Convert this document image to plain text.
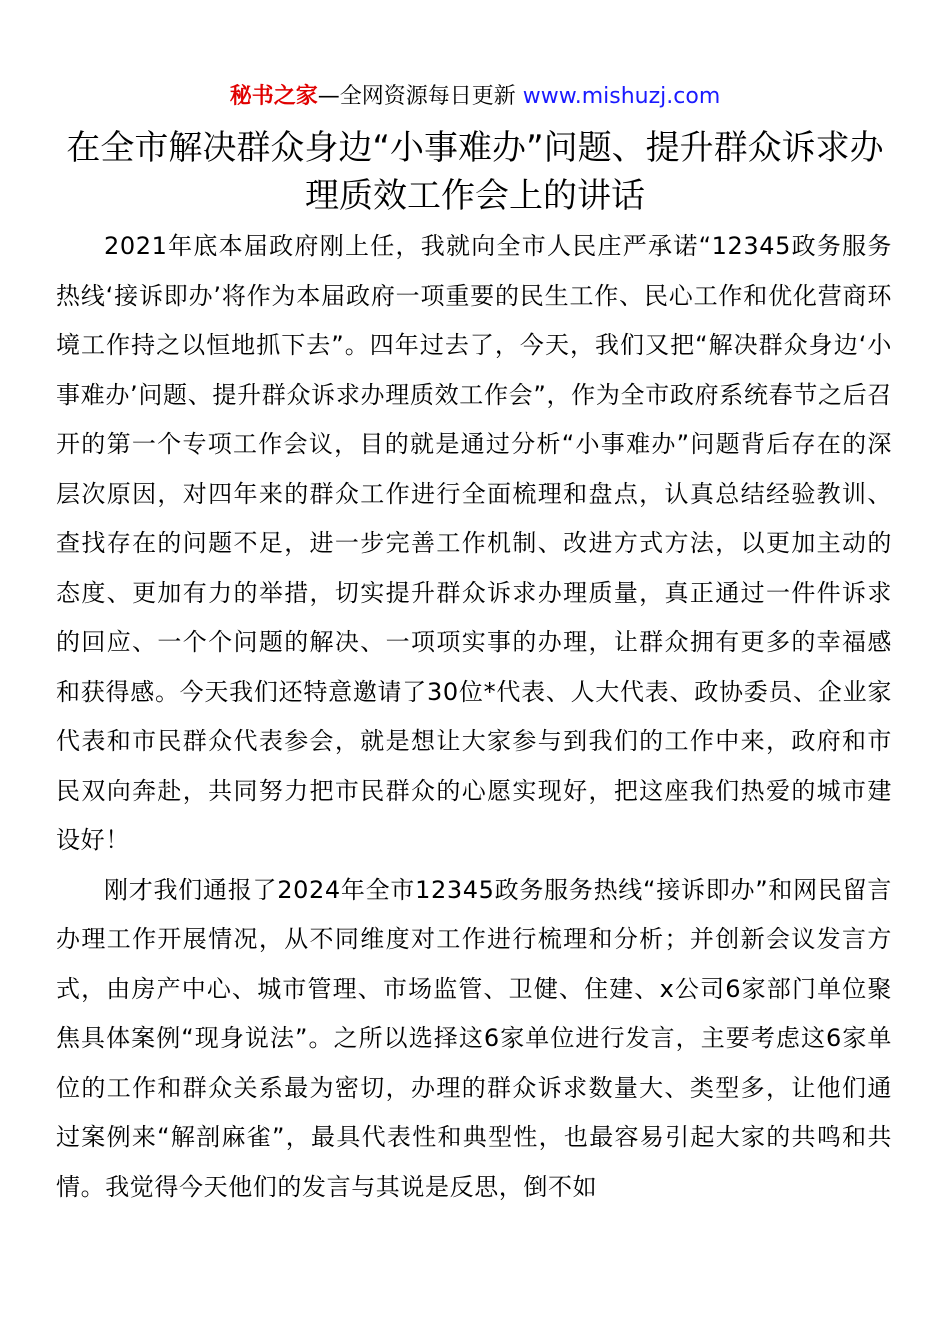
秘书之家—全网资源每日更新 www.mishuzj.com
在全市解决群众身边“小事难办”问题、提升群众诉求办理质效工作会上的讲话

2021年底本届政府刚上任，我就向全市人民庄严承诺“12345政务服务热线‘接诉即办’将作为本届政府一项重要的民生工作、民心工作和优化营商环境工作持之以恒地抓下去”。四年过去了，今天，我们又把“解决群众身边‘小事难办’问题、提升群众诉求办理质效工作会”，作为全市政府系统春节之后召开的第一个专项工作会议，目的就是通过分析“小事难办”问题背后存在的深层次原因，对四年来的群众工作进行全面梳理和盘点，认真总结经验教训、查找存在的问题不足，进一步完善工作机制、改进方式方法，以更加主动的态度、更加有力的举措，切实提升群众诉求办理质量，真正通过一件件诉求的回应、一个个问题的解决、一项项实事的办理，让群众拥有更多的幸福感和获得感。今天我们还特意邀请了30位*代表、人大代表、政协委员、企业家代表和市民群众代表参会，就是想让大家参与到我们的工作中来，政府和市民双向奔赴，共同努力把市民群众的心愿实现好，把这座我们热爱的城市建设好！

刚才我们通报了2024年全市12345政务服务热线“接诉即办”和网民留言办理工作开展情况，从不同维度对工作进行梳理和分析；并创新会议发言方式，由房产中心、城市管理、市场监管、卫健、住建、x公司6家部门单位聚焦具体案例“现身说法”。之所以选择这6家单位进行发言，主要考虑这6家单位的工作和群众关系最为密切，办理的群众诉求数量大、类型多，让他们通过案例来“解剖麻雀”，最具代表性和典型性，也最容易引起大家的共鸣和共情。我觉得今天他们的发言与其说是反思，倒不如
